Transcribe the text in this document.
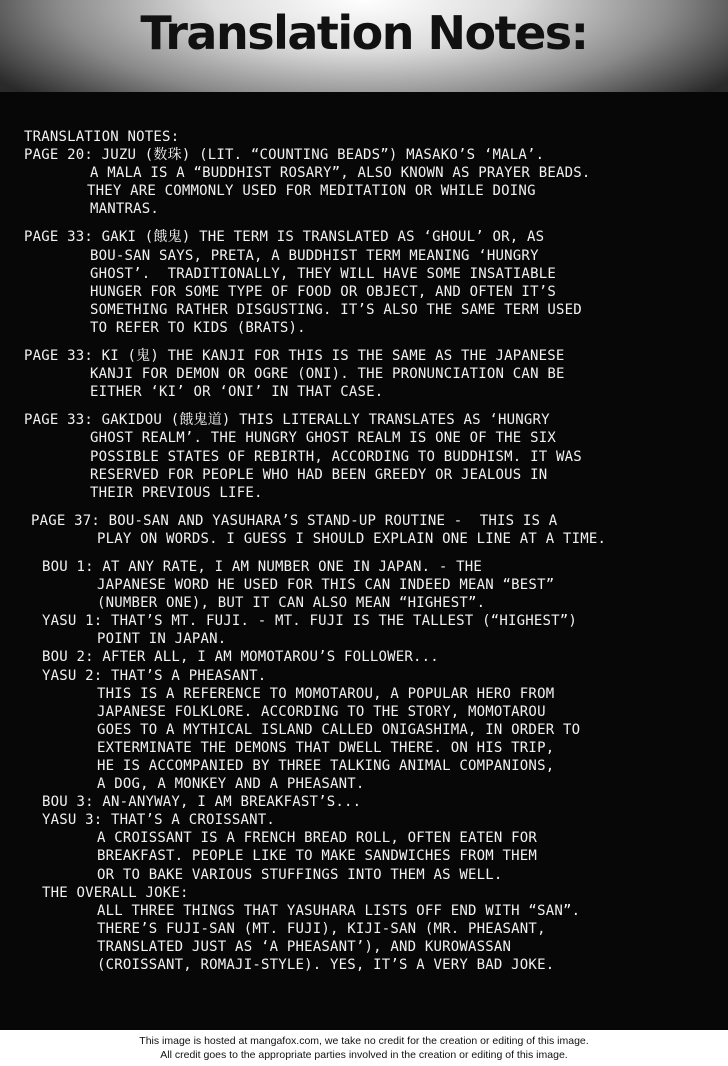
Translation Notes:
TRANSLATION NOTES:
PAGE 20: JUZU (数珠) (LIT. “COUNTING BEADS”) MASAKO’S ‘MALA’.
A MALA IS A “BUDDHIST ROSARY”, ALSO KNOWN AS PRAYER BEADS.
THEY ARE COMMONLY USED FOR MEDITATION OR WHILE DOING
MANTRAS.
PAGE 33: GAKI (餓鬼) THE TERM IS TRANSLATED AS ‘GHOUL’ OR, AS
BOU-SAN SAYS, PRETA, A BUDDHIST TERM MEANING ‘HUNGRY
GHOST’.  TRADITIONALLY, THEY WILL HAVE SOME INSATIABLE
HUNGER FOR SOME TYPE OF FOOD OR OBJECT, AND OFTEN IT’S
SOMETHING RATHER DISGUSTING. IT’S ALSO THE SAME TERM USED
TO REFER TO KIDS (BRATS).
PAGE 33: KI (鬼) THE KANJI FOR THIS IS THE SAME AS THE JAPANESE
KANJI FOR DEMON OR OGRE (ONI). THE PRONUNCIATION CAN BE
EITHER ‘KI’ OR ‘ONI’ IN THAT CASE.
PAGE 33: GAKIDOU (餓鬼道) THIS LITERALLY TRANSLATES AS ‘HUNGRY
GHOST REALM’. THE HUNGRY GHOST REALM IS ONE OF THE SIX
POSSIBLE STATES OF REBIRTH, ACCORDING TO BUDDHISM. IT WAS
RESERVED FOR PEOPLE WHO HAD BEEN GREEDY OR JEALOUS IN
THEIR PREVIOUS LIFE.
PAGE 37: BOU-SAN AND YASUHARA’S STAND-UP ROUTINE -  THIS IS A
PLAY ON WORDS. I GUESS I SHOULD EXPLAIN ONE LINE AT A TIME.
BOU 1: AT ANY RATE, I AM NUMBER ONE IN JAPAN. - THE
JAPANESE WORD HE USED FOR THIS CAN INDEED MEAN “BEST”
(NUMBER ONE), BUT IT CAN ALSO MEAN “HIGHEST”.
YASU 1: THAT’S MT. FUJI. - MT. FUJI IS THE TALLEST (“HIGHEST”)
POINT IN JAPAN.
BOU 2: AFTER ALL, I AM MOMOTAROU’S FOLLOWER...
YASU 2: THAT’S A PHEASANT.
THIS IS A REFERENCE TO MOMOTAROU, A POPULAR HERO FROM
JAPANESE FOLKLORE. ACCORDING TO THE STORY, MOMOTAROU
GOES TO A MYTHICAL ISLAND CALLED ONIGASHIMA, IN ORDER TO
EXTERMINATE THE DEMONS THAT DWELL THERE. ON HIS TRIP,
HE IS ACCOMPANIED BY THREE TALKING ANIMAL COMPANIONS,
A DOG, A MONKEY AND A PHEASANT.
BOU 3: AN-ANYWAY, I AM BREAKFAST’S...
YASU 3: THAT’S A CROISSANT.
A CROISSANT IS A FRENCH BREAD ROLL, OFTEN EATEN FOR
BREAKFAST. PEOPLE LIKE TO MAKE SANDWICHES FROM THEM
OR TO BAKE VARIOUS STUFFINGS INTO THEM AS WELL.
THE OVERALL JOKE:
ALL THREE THINGS THAT YASUHARA LISTS OFF END WITH “SAN”.
THERE’S FUJI-SAN (MT. FUJI), KIJI-SAN (MR. PHEASANT,
TRANSLATED JUST AS ‘A PHEASANT’), AND KUROWASSAN
(CROISSANT, ROMAJI-STYLE). YES, IT’S A VERY BAD JOKE.
This image is hosted at mangafox.com, we take no credit for the creation or editing of this image.
All credit goes to the appropriate parties involved in the creation or editing of this image.
